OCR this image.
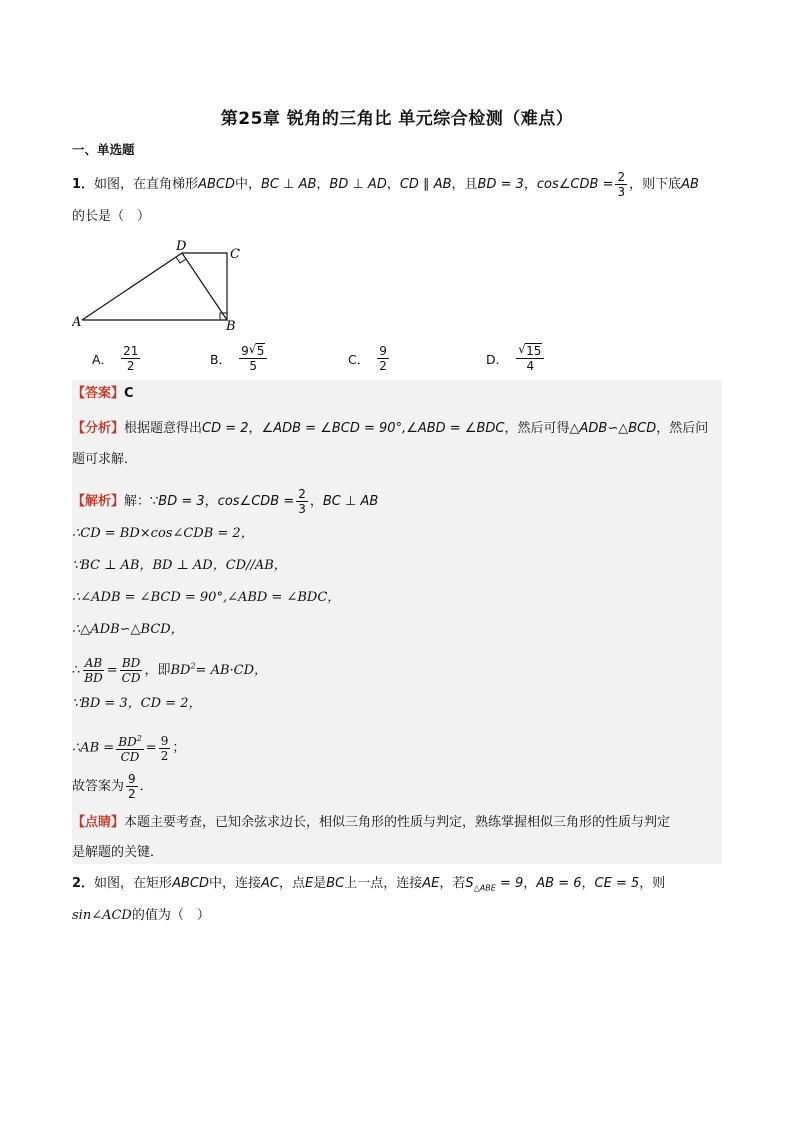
第25章 锐角的三角比 单元综合检测（难点）
一、单选题
1．如图，在直角梯形ABCD中，BC ⊥ AB，BD ⊥ AD，CD ∥ AB，且BD = 3，cos∠CDB = $\frac{2}{3}$ ，则下底AB
的长是（　）
A
D
C
B
A． $\frac{21}{2}$	B． $\frac{9 √ 5}{5}$	C． $\frac{9}{2}$	D． $\frac{√ 15}{4}$
【答案】C
【分析】根据题意得出CD = 2，∠ADB = ∠BCD = 90°,∠ABD = ∠BDC，然后可得△ADB∽△BCD，然后问
题可求解．
【解析】解：∵BD = 3，cos∠CDB = $\frac{2}{3}$ ，BC ⊥ AB
∴CD = BD×cos∠CDB = 2，
∵BC ⊥ AB，BD ⊥ AD，CD//AB，
∴∠ADB = ∠BCD = 90°,∠ABD = ∠BDC，
∴△ADB∽△BCD，
∴ $\frac{AB}{BD} = \frac{BD}{CD}$ ，即$BD^2= AB\cdot CD$，
∵BD = 3，CD = 2，
∴AB = $\frac{BD^2}{CD} = \frac{9}{2}$ ；
故答案为 $\frac{9}{2}$ ．
【点睛】本题主要考查，已知余弦求边长，相似三角形的性质与判定，熟练掌握相似三角形的性质与判定
是解题的关键．
2．如图，在矩形ABCD中，连接AC，点E是BC上一点，连接AE，若$S_{\triangle ABE} = 9$，AB = 6，CE = 5，则
sin∠ACD的值为（　）
